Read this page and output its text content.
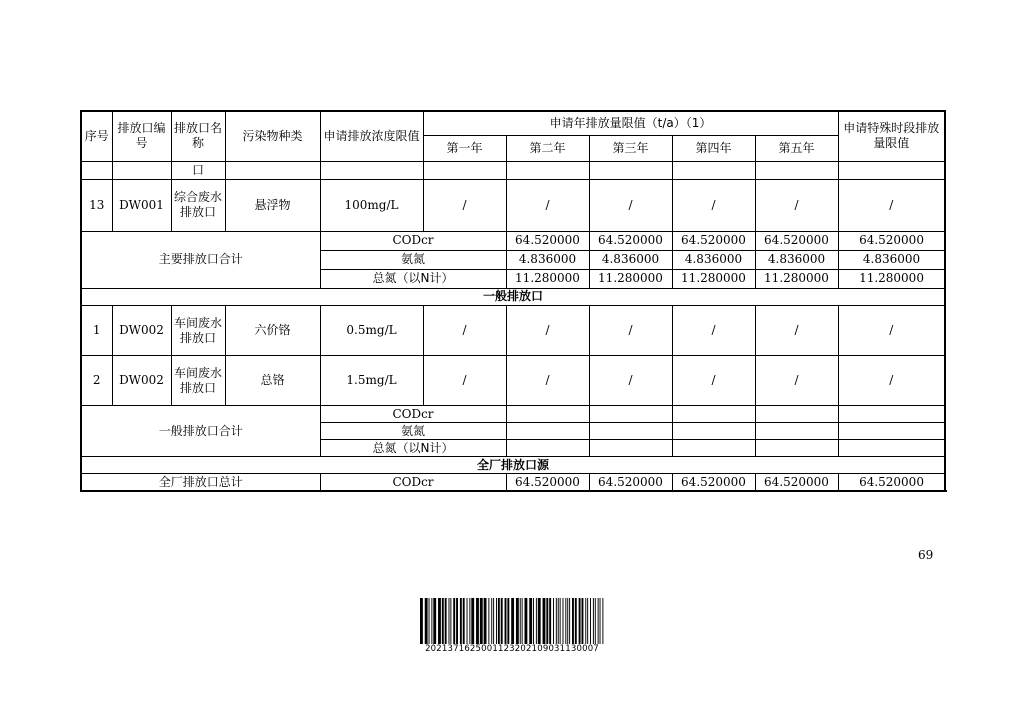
序号	排放口编号	排放口名称	污染物种类	申请排放浓度限值	申请年排放量限值（t/a）（1）					申请特殊时段排放量限值	
					第一年	第二年	第三年	第四年	第五年		
		口									
13	DW001	综合废水排放口	悬浮物	100mg/L	/	/	/	/	/	/	
主要排放口合计				CODcr		64.520000	64.520000	64.520000	64.520000	64.520000	
				氨氮		4.836000	4.836000	4.836000	4.836000	4.836000	
				总氮（以N计）		11.280000	11.280000	11.280000	11.280000	11.280000	
一般排放口											
1	DW002	车间废水排放口	六价铬	0.5mg/L	/	/	/	/	/	/	
2	DW002	车间废水排放口	总铬	1.5mg/L	/	/	/	/	/	/	
一般排放口合计				CODcr						
				氨氮						
				总氮（以N计）						
全厂排放口源											
全厂排放口总计				CODcr		64.520000	64.520000	64.520000	64.520000	64.520000	
69
2021371625001123202109031130007
